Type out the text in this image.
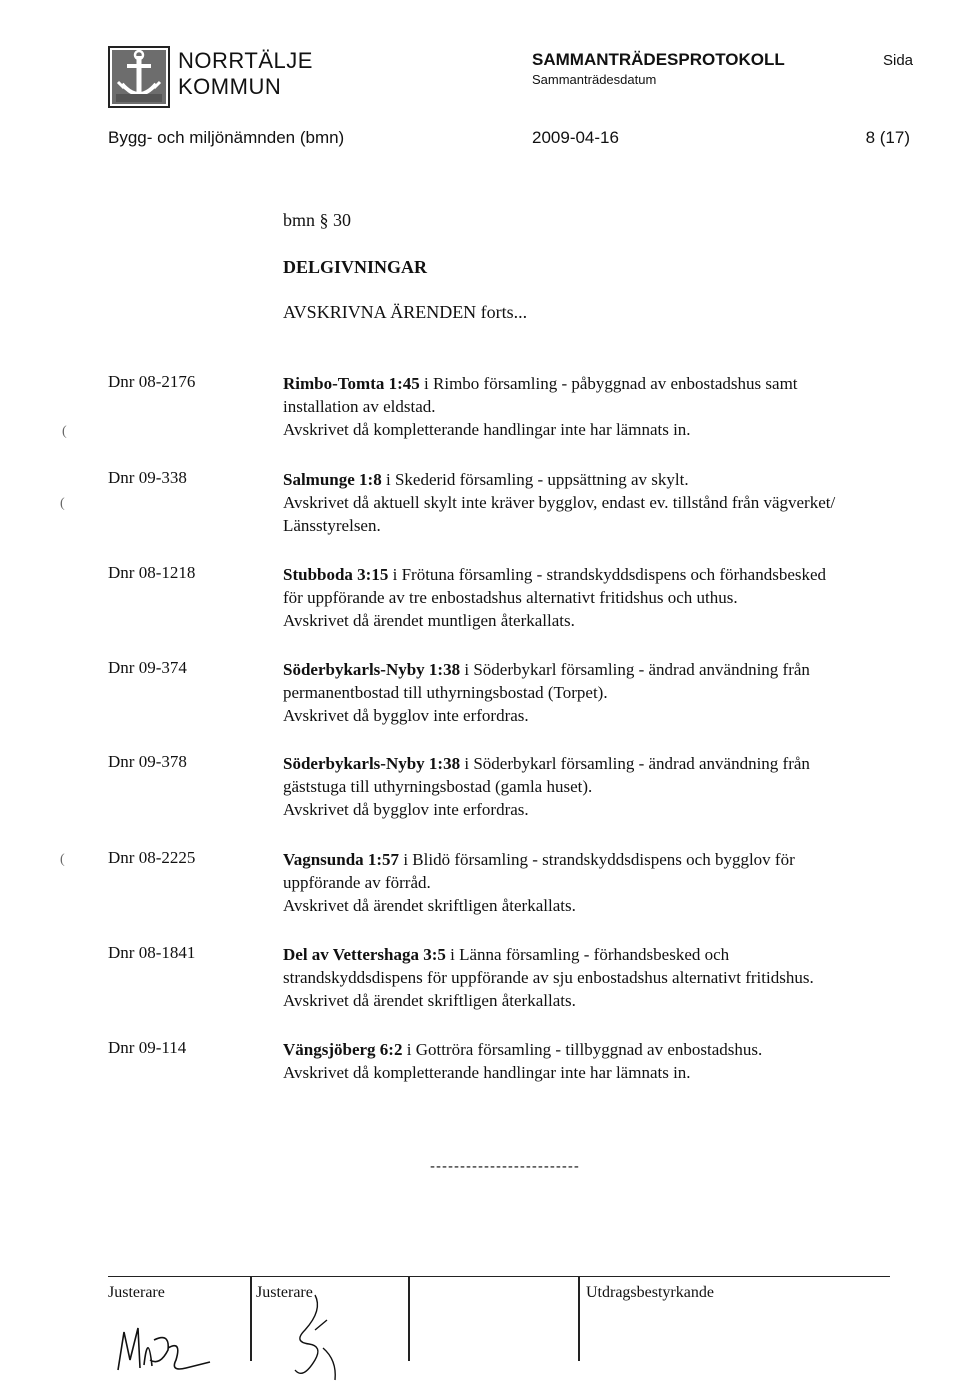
NORRTÄLJE
KOMMUN
SAMMANTRÄDESPROTOKOLL
Sammanträdesdatum
Sida
Bygg- och miljönämnden (bmn)	2009-04-16	8 (17)
bmn § 30
DELGIVNINGAR
AVSKRIVNA ÄRENDEN forts...
Dnr 08-2176	Rimbo-Tomta 1:45 i Rimbo församling - påbyggnad av enbostadshus samt
installation av eldstad.
Avskrivet då kompletterande handlingar inte har lämnats in.
Dnr 09-338	Salmunge 1:8 i Skederid församling - uppsättning av skylt.
Avskrivet då aktuell skylt inte kräver bygglov, endast ev. tillstånd från vägverket/
Länsstyrelsen.
Dnr 08-1218	Stubboda 3:15 i Frötuna församling - strandskyddsdispens och förhandsbesked
för uppförande av tre enbostadshus alternativt fritidshus och uthus.
Avskrivet då ärendet muntligen återkallats.
Dnr 09-374	Söderbykarls-Nyby 1:38 i Söderbykarl församling - ändrad användning från
permanentbostad till uthyrningsbostad (Torpet).
Avskrivet då bygglov inte erfordras.
Dnr 09-378	Söderbykarls-Nyby 1:38 i Söderbykarl församling - ändrad användning från
gäststuga till uthyrningsbostad (gamla huset).
Avskrivet då bygglov inte erfordras.
Dnr 08-2225	Vagnsunda 1:57 i Blidö församling - strandskyddsdispens och bygglov för
uppförande av förråd.
Avskrivet då ärendet skriftligen återkallats.
Dnr 08-1841	Del av Vettershaga 3:5 i Länna församling - förhandsbesked och
strandskyddsdispens för uppförande av sju enbostadshus alternativt fritidshus.
Avskrivet då ärendet skriftligen återkallats.
Dnr 09-114	Vängsjöberg 6:2 i Gottröra församling - tillbyggnad av enbostadshus.
Avskrivet då kompletterande handlingar inte har lämnats in.
-------------------------
Justerare	Justerare	Utdragsbestyrkande
(
(
(
